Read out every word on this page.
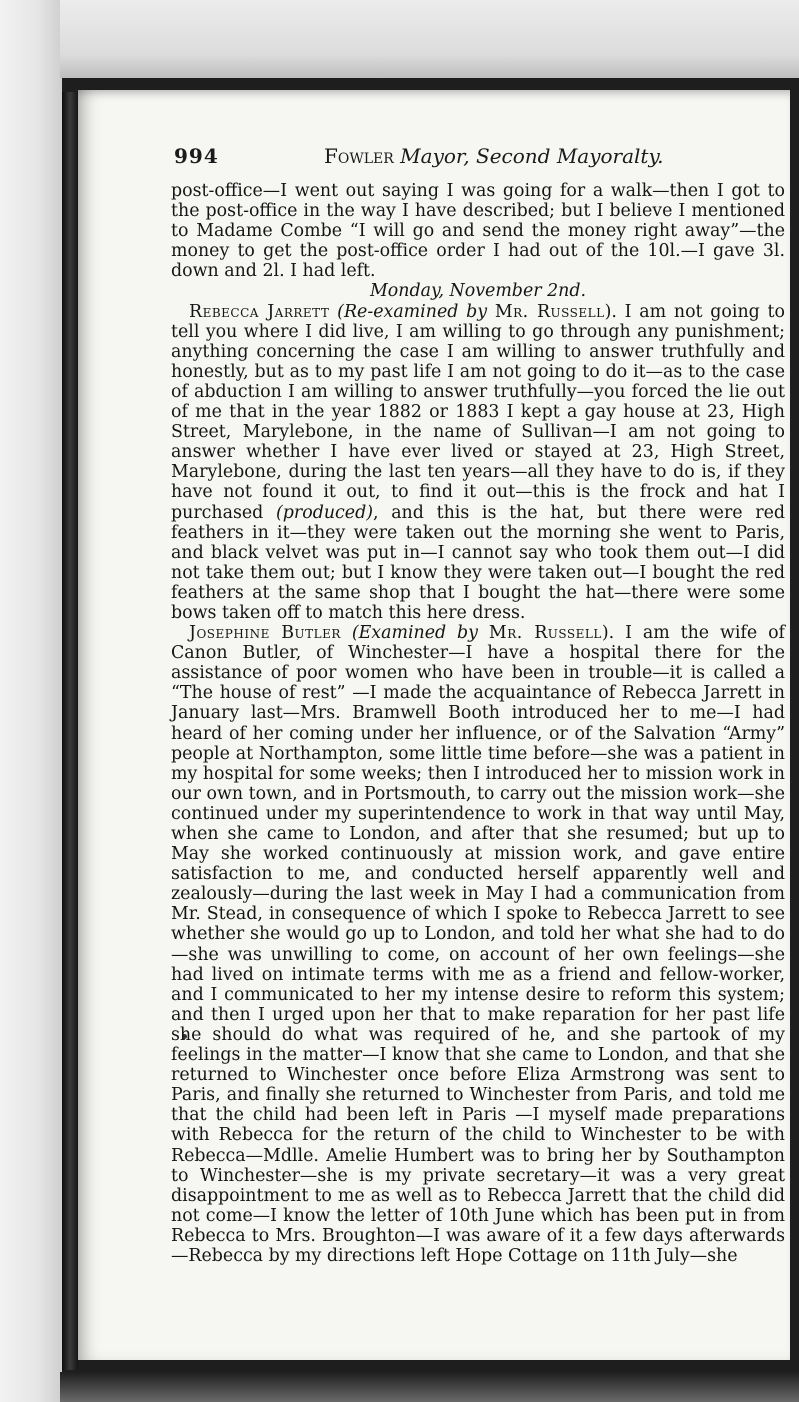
994	Fowler Mayor, Second Mayoralty.

post-office—I went out saying I was going for a walk—then I got to the post-office in the way I have described; but I believe I mentioned to Madame Combe “I will go and send the money right away”—the money to get the post-office order I had out of the 10l.—I gave 3l. down and 2l. I had left.

Monday, November 2nd.

Rebecca Jarrett (Re-examined by Mr. Russell). I am not going to tell you where I did live, I am willing to go through any punishment; anything concerning the case I am willing to answer truthfully and honestly, but as to my past life I am not going to do it—as to the case of abduction I am willing to answer truthfully—you forced the lie out of me that in the year 1882 or 1883 I kept a gay house at 23, High Street, Marylebone, in the name of Sullivan—I am not going to answer whether I have ever lived or stayed at 23, High Street, Marylebone, during the last ten years—all they have to do is, if they have not found it out, to find it out—this is the frock and hat I purchased (produced), and this is the hat, but there were red feathers in it—they were taken out the morning she went to Paris, and black velvet was put in—I cannot say who took them out—I did not take them out; but I know they were taken out—I bought the red feathers at the same shop that I bought the hat—there were some bows taken off to match this here dress.

Josephine Butler (Examined by Mr. Russell). I am the wife of Canon Butler, of Winchester—I have a hospital there for the assistance of poor women who have been in trouble—it is called a “The house of rest” —I made the acquaintance of Rebecca Jarrett in January last—Mrs. Bramwell Booth introduced her to me—I had heard of her coming under her influence, or of the Salvation “Army” people at Northampton, some little time before—she was a patient in my hospital for some weeks; then I introduced her to mission work in our own town, and in Portsmouth, to carry out the mission work—she continued under my superintendence to work in that way until May, when she came to London, and after that she resumed; but up to May she worked continuously at mission work, and gave entire satisfaction to me, and conducted herself apparently well and zealously—during the last week in May I had a communication from Mr. Stead, in consequence of which I spoke to Rebecca Jarrett to see whether she would go up to London, and told her what she had to do—she was unwilling to come, on account of her own feelings—she had lived on intimate terms with me as a friend and fellow-worker, and I communicated to her my intense desire to reform this system; and then I urged upon her that to make reparation for her past life she should do what was required of he, and she partook of my feelings in the matter—I know that she came to London, and that she returned to Winchester once before Eliza Armstrong was sent to Paris, and finally she returned to Winchester from Paris, and told me that the child had been left in Paris —I myself made preparations with Rebecca for the return of the child to Winchester to be with Rebecca—Mdlle. Amelie Humbert was to bring her by Southampton to Winchester—she is my private secretary—it was a very great disappointment to me as well as to Rebecca Jarrett that the child did not come—I know the letter of 10th June which has been put in from Rebecca to Mrs. Broughton—I was aware of it a few days afterwards—Rebecca by my directions left Hope Cottage on 11th July—she
